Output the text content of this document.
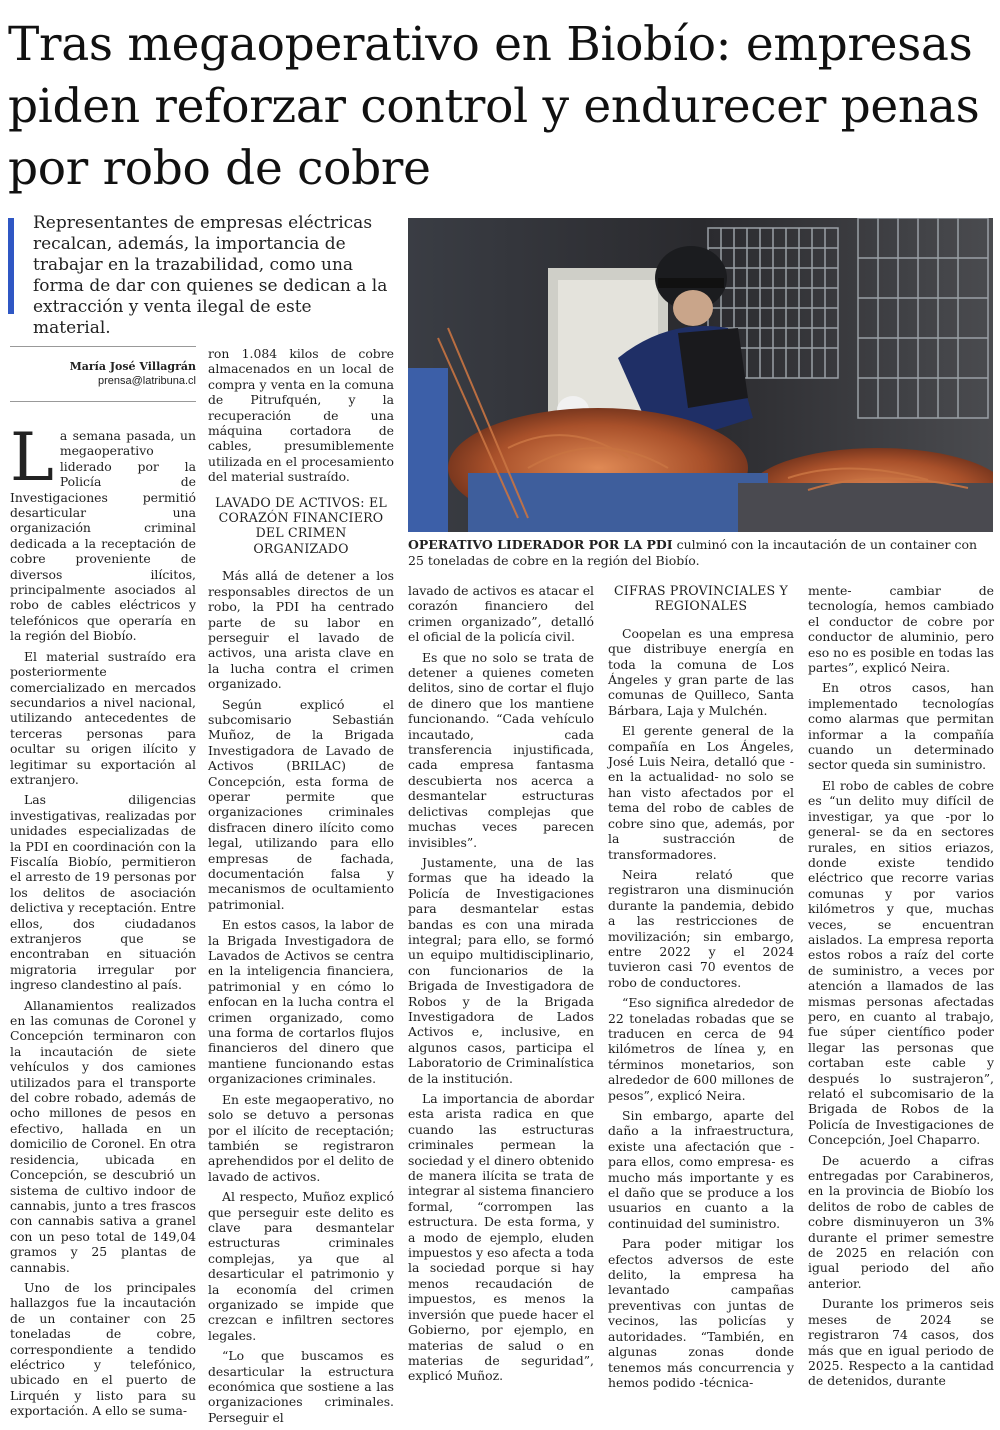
Tras megaoperativo en Biobío: empresas piden reforzar control y endurecer penas por robo de cobre

Representantes de empresas eléctricas recalcan, además, la importancia de trabajar en la trazabilidad, como una forma de dar con quienes se dedican a la extracción y venta ilegal de este material.

OPERATIVO LIDERADOR POR LA PDI culminó con la incautación de un container con 25 toneladas de cobre en la región del Biobío.
María José Villagrán
prensa@latribuna.cl

La semana pasada, un megaoperativo liderado por la Policía de Investigaciones permitió desarticular una organización criminal dedicada a la receptación de cobre proveniente de diversos ilícitos, principalmente asociados al robo de cables eléctricos y telefónicos que operaría en la región del Biobío.

El material sustraído era posteriormente comercializado en mercados secundarios a nivel nacional, utilizando antecedentes de terceras personas para ocultar su origen ilícito y legitimar su exportación al extranjero.

Las diligencias investigativas, realizadas por unidades especializadas de la PDI en coordinación con la Fiscalía Biobío, permitieron el arresto de 19 personas por los delitos de asociación delictiva y receptación. Entre ellos, dos ciudadanos extranjeros que se encontraban en situación migratoria irregular por ingreso clandestino al país.

Allanamientos realizados en las comunas de Coronel y Concepción terminaron con la incautación de siete vehículos y dos camiones utilizados para el transporte del cobre robado, además de ocho millones de pesos en efectivo, hallada en un domicilio de Coronel. En otra residencia, ubicada en Concepción, se descubrió un sistema de cultivo indoor de cannabis, junto a tres frascos con cannabis sativa a granel con un peso total de 149,04 gramos y 25 plantas de cannabis.

Uno de los principales hallazgos fue la incautación de un container con 25 toneladas de cobre, correspondiente a tendido eléctrico y telefónico, ubicado en el puerto de Lirquén y listo para su exportación. A ello se suma-

ron 1.084 kilos de cobre almacenados en un local de compra y venta en la comuna de Pitrufquén, y la recuperación de una máquina cortadora de cables, presumiblemente utilizada en el procesamiento del material sustraído.

LAVADO DE ACTIVOS: EL CORAZÓN FINANCIERO DEL CRIMEN ORGANIZADO

Más allá de detener a los responsables directos de un robo, la PDI ha centrado parte de su labor en perseguir el lavado de activos, una arista clave en la lucha contra el crimen organizado.

Según explicó el subcomisario Sebastián Muñoz, de la Brigada Investigadora de Lavado de Activos (BRILAC) de Concepción, esta forma de operar permite que organizaciones criminales disfracen dinero ilícito como legal, utilizando para ello empresas de fachada, documentación falsa y mecanismos de ocultamiento patrimonial.

En estos casos, la labor de la Brigada Investigadora de Lavados de Activos se centra en la inteligencia financiera, patrimonial y en cómo lo enfocan en la lucha contra el crimen organizado, como una forma de cortarlos flujos financieros del dinero que mantiene funcionando estas organizaciones criminales.

En este megaoperativo, no solo se detuvo a personas por el ilícito de receptación; también se registraron aprehendidos por el delito de lavado de activos.

Al respecto, Muñoz explicó que perseguir este delito es clave para desmantelar estructuras criminales complejas, ya que al desarticular el patrimonio y la economía del crimen organizado se impide que crezcan e infiltren sectores legales.

“Lo que buscamos es desarticular la estructura económica que sostiene a las organizaciones criminales. Perseguir el

lavado de activos es atacar el corazón financiero del crimen organizado”, detalló el oficial de la policía civil.

Es que no solo se trata de detener a quienes cometen delitos, sino de cortar el flujo de dinero que los mantiene funcionando. “Cada vehículo incautado, cada transferencia injustificada, cada empresa fantasma descubierta nos acerca a desmantelar estructuras delictivas complejas que muchas veces parecen invisibles”.

Justamente, una de las formas que ha ideado la Policía de Investigaciones para desmantelar estas bandas es con una mirada integral; para ello, se formó un equipo multidisciplinario, con funcionarios de la Brigada de Investigadora de Robos y de la Brigada Investigadora de Lados Activos e, inclusive, en algunos casos, participa el Laboratorio de Criminalística de la institución.

La importancia de abordar esta arista radica en que cuando las estructuras criminales permean la sociedad y el dinero obtenido de manera ilícita se trata de integrar al sistema financiero formal, “corrompen las estructura. De esta forma, y a modo de ejemplo, eluden impuestos y eso afecta a toda la sociedad porque si hay menos recaudación de impuestos, es menos la inversión que puede hacer el Gobierno, por ejemplo, en materias de salud o en materias de seguridad”, explicó Muñoz.

CIFRAS PROVINCIALES Y REGIONALES

Coopelan es una empresa que distribuye energía en toda la comuna de Los Ángeles y gran parte de las comunas de Quilleco, Santa Bárbara, Laja y Mulchén.

El gerente general de la compañía en Los Ángeles, José Luis Neira, detalló que -en la actualidad- no solo se han visto afectados por el tema del robo de cables de cobre sino que, además, por la sustracción de transformadores.

Neira relató que registraron una disminución durante la pandemia, debido a las restricciones de movilización; sin embargo, entre 2022 y el 2024 tuvieron casi 70 eventos de robo de conductores.

“Eso significa alrededor de 22 toneladas robadas que se traducen en cerca de 94 kilómetros de línea y, en términos monetarios, son alrededor de 600 millones de pesos”, explicó Neira.

Sin embargo, aparte del daño a la infraestructura, existe una afectación que -para ellos, como empresa- es mucho más importante y es el daño que se produce a los usuarios en cuanto a la continuidad del suministro.

Para poder mitigar los efectos adversos de este delito, la empresa ha levantado campañas preventivas con juntas de vecinos, las policías y autoridades. “También, en algunas zonas donde tenemos más concurrencia y hemos podido -técnica-

mente- cambiar de tecnología, hemos cambiado el conductor de cobre por conductor de aluminio, pero eso no es posible en todas las partes”, explicó Neira.

En otros casos, han implementado tecnologías como alarmas que permitan informar a la compañía cuando un determinado sector queda sin suministro.

El robo de cables de cobre es “un delito muy difícil de investigar, ya que -por lo general- se da en sectores rurales, en sitios eriazos, donde existe tendido eléctrico que recorre varias comunas y por varios kilómetros y que, muchas veces, se encuentran aislados. La empresa reporta estos robos a raíz del corte de suministro, a veces por atención a llamados de las mismas personas afectadas pero, en cuanto al trabajo, fue súper científico poder llegar las personas que cortaban este cable y después lo sustrajeron”, relató el subcomisario de la Brigada de Robos de la Policía de Investigaciones de Concepción, Joel Chaparro.

De acuerdo a cifras entregadas por Carabineros, en la provincia de Biobío los delitos de robo de cables de cobre disminuyeron un 3% durante el primer semestre de 2025 en relación con igual periodo del año anterior.

Durante los primeros seis meses de 2024 se registraron 74 casos, dos más que en igual periodo de 2025. Respecto a la cantidad de detenidos, durante
